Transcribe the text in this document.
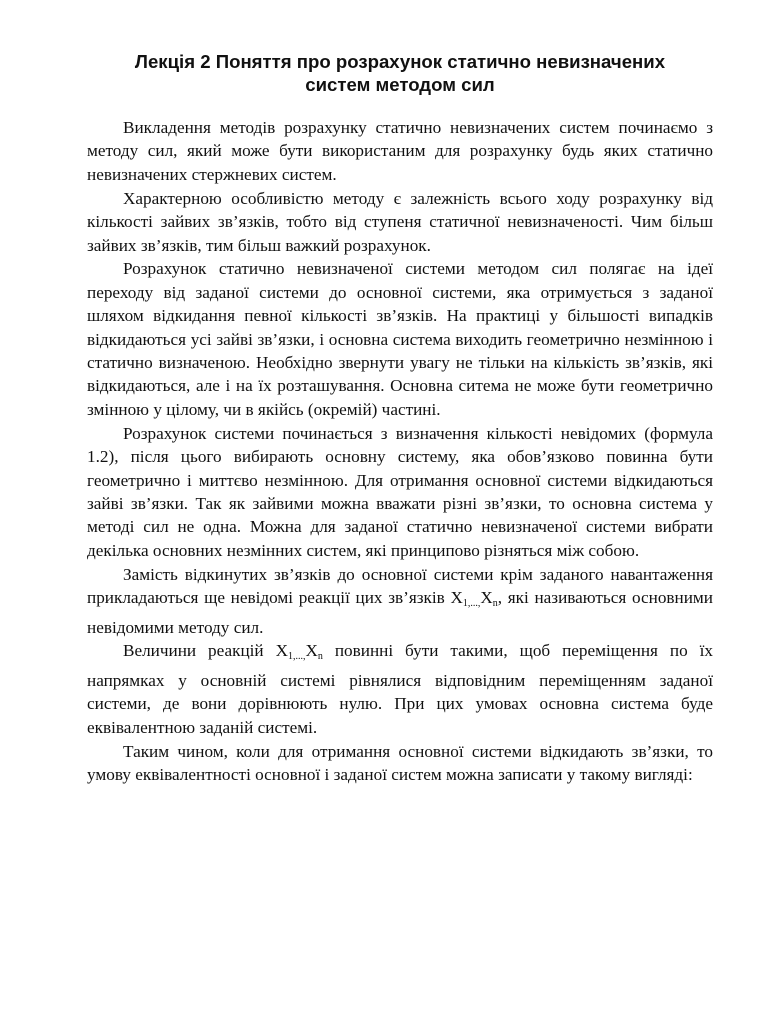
Лекція 2 Поняття про розрахунок статично невизначених
систем методом сил

Викладення методів розрахунку статично невизначених систем починаємо з методу сил, який може бути використаним для розрахунку будь яких статично невизначених стержневих систем.

Характерною особливістю методу є залежність всього ходу розрахунку від кількості зайвих зв’язків, тобто від ступеня статичної невизначеності. Чим більш зайвих зв’язків, тим більш важкий розрахунок.

Розрахунок статично невизначеної системи методом сил полягає на ідеї переходу від заданої системи до основної системи, яка отримується з заданої шляхом відкидання певної кількості зв’язків. На практиці у більшості випадків відкидаються усі зайві зв’язки, і основна система виходить геометрично незмінною і статично визначеною. Необхідно звернути увагу не тільки на кількість зв’язків, які відкидаються, але і на їх розташування. Основна ситема не може бути геометрично змінною у цілому, чи в якійсь (окремій) частині.

Розрахунок системи починається з визначення кількості невідомих (формула 1.2), після цього вибирають основну систему, яка обов’язково повинна бути геометрично і миттєво незмінною. Для отримання основної системи відкидаються зайві зв’язки. Так як зайвими можна вважати різні зв’язки, то основна система у методі сил не одна. Можна для заданої статично невизначеної системи вибрати декілька основних незмінних систем, які принципово різняться між собою.

Замість відкинутих зв’язків до основної системи крім заданого навантаження прикладаються ще невідомі реакції цих зв’язків $X_{1,...,}X_n$, які називаються основними невідомими методу сил.

Величини реакцій $X_{1,...,}X_n$ повинні бути такими, щоб переміщення по їх напрямках у основній системі рівнялися відповідним переміщенням заданої системи, де вони дорівнюють нулю. При цих умовах основна система буде еквівалентною заданій системі.

Таким чином, коли для отримання основної системи відкидають зв’язки, то умову еквівалентності основної і заданої систем можна записати у такому вигляді:
